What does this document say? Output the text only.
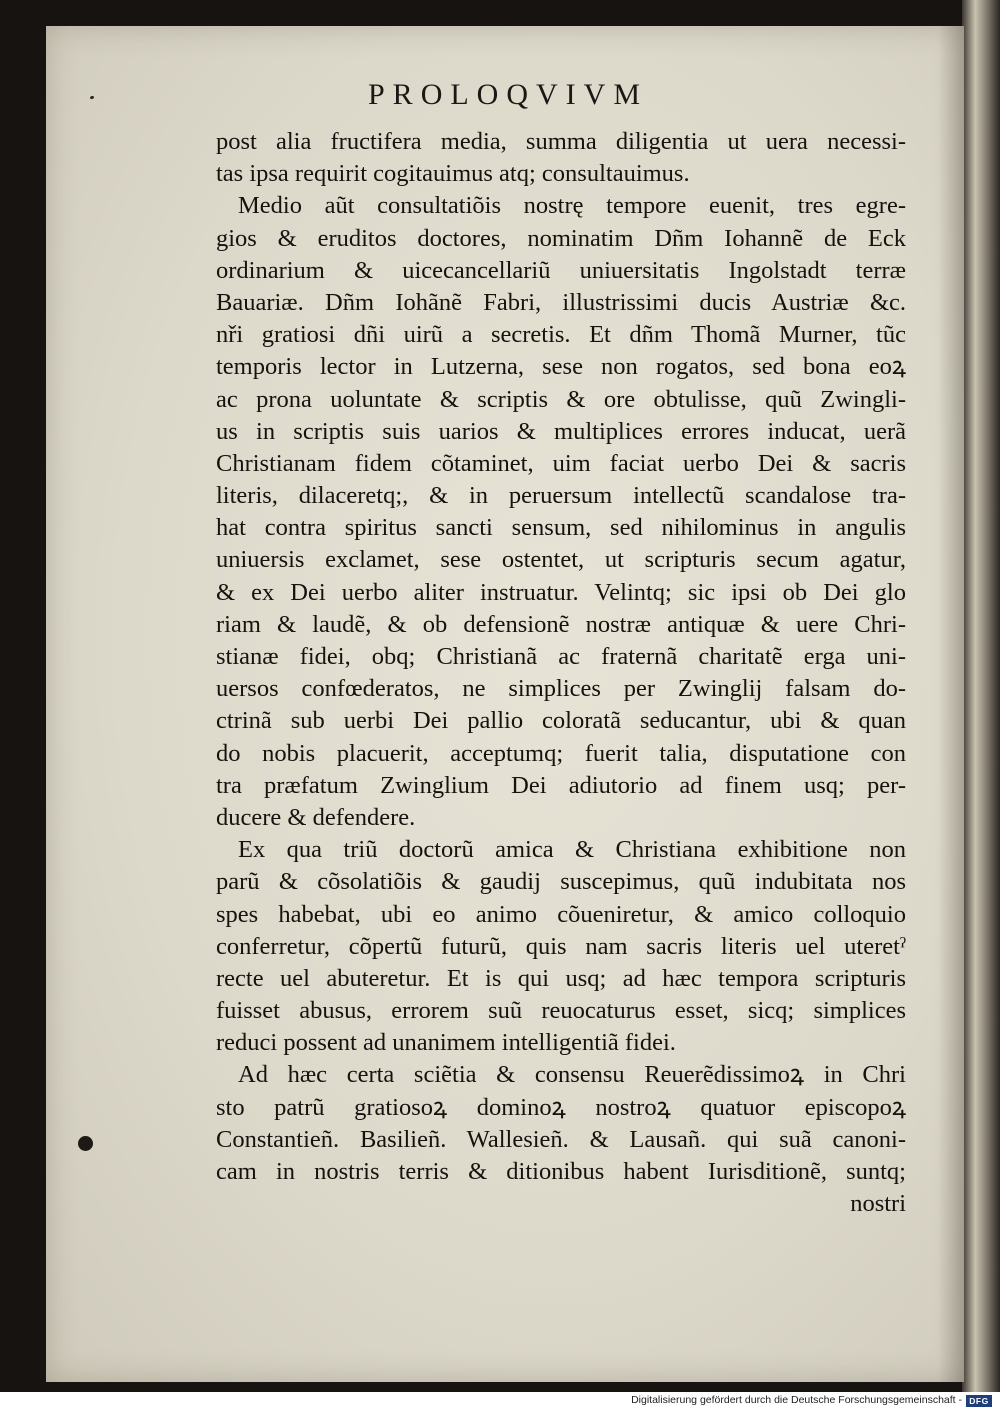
PROLOQVIVM
post alia fructifera media, summa diligentia ut uera necessi-
tas ipsa requirit cogitauimus atq; consultauimus.
Medio aũt consultatiõis nostrę tempore euenit, tres egre-
gios & eruditos doctores, nominatim Dñm Iohannẽ de Eck
ordinarium & uicecancellariũ uniuersitatis Ingolstadt terræ
Bauariæ. Dñm Iohãnẽ Fabri, illustrissimi ducis Austriæ &c.
nři gratiosi dñi uirũ a secretis. Et dñm Thomã Murner, tũc
temporis lector in Lutzerna, sese non rogatos, sed bona eoꝝ
ac prona uoluntate & scriptis & ore obtulisse, quũ Zwingli-
us in scriptis suis uarios & multiplices errores inducat, uerã
Christianam fidem cõtaminet, uim faciat uerbo Dei & sacris
literis, dilaceretq;, & in peruersum intellectũ scandalose tra-
hat contra spiritus sancti sensum, sed nihilominus in angulis
uniuersis exclamet, sese ostentet, ut scripturis secum agatur,
& ex Dei uerbo aliter instruatur. Velintq; sic ipsi ob Dei glo
riam & laudẽ, & ob defensionẽ nostræ antiquæ & uere Chri-
stianæ fidei, obq; Christianã ac fraternã charitatẽ erga uni-
uersos confœderatos, ne simplices per Zwinglij falsam do-
ctrinã sub uerbi Dei pallio coloratã seducantur, ubi & quan
do nobis placuerit, acceptumq; fuerit talia, disputatione con
tra præfatum Zwinglium Dei adiutorio ad finem usq; per-
ducere & defendere.
Ex qua triũ doctorũ amica & Christiana exhibitione non
parũ & cõsolatiõis & gaudij suscepimus, quũ indubitata nos
spes habebat, ubi eo animo cõueniretur, & amico colloquio
conferretur, cõpertũ futurũ, quis nam sacris literis uel uteretˀ
recte uel abuteretur. Et is qui usq; ad hæc tempora scripturis
fuisset abusus, errorem suũ reuocaturus esset, sicq; simplices
reduci possent ad unanimem intelligentiã fidei.
Ad hæc certa sciẽtia & consensu Reuerẽdissimoꝝ in Chri
sto patrũ gratiosoꝝ dominoꝝ nostroꝝ quatuor episcopoꝝ
Constantieñ. Basilieñ. Wallesieñ. & Lausañ. qui suã canoni-
cam in nostris terris & ditionibus habent Iurisditionẽ, suntq;
nostri
Digitalisierung gefördert durch die Deutsche Forschungsgemeinschaft - DFG
